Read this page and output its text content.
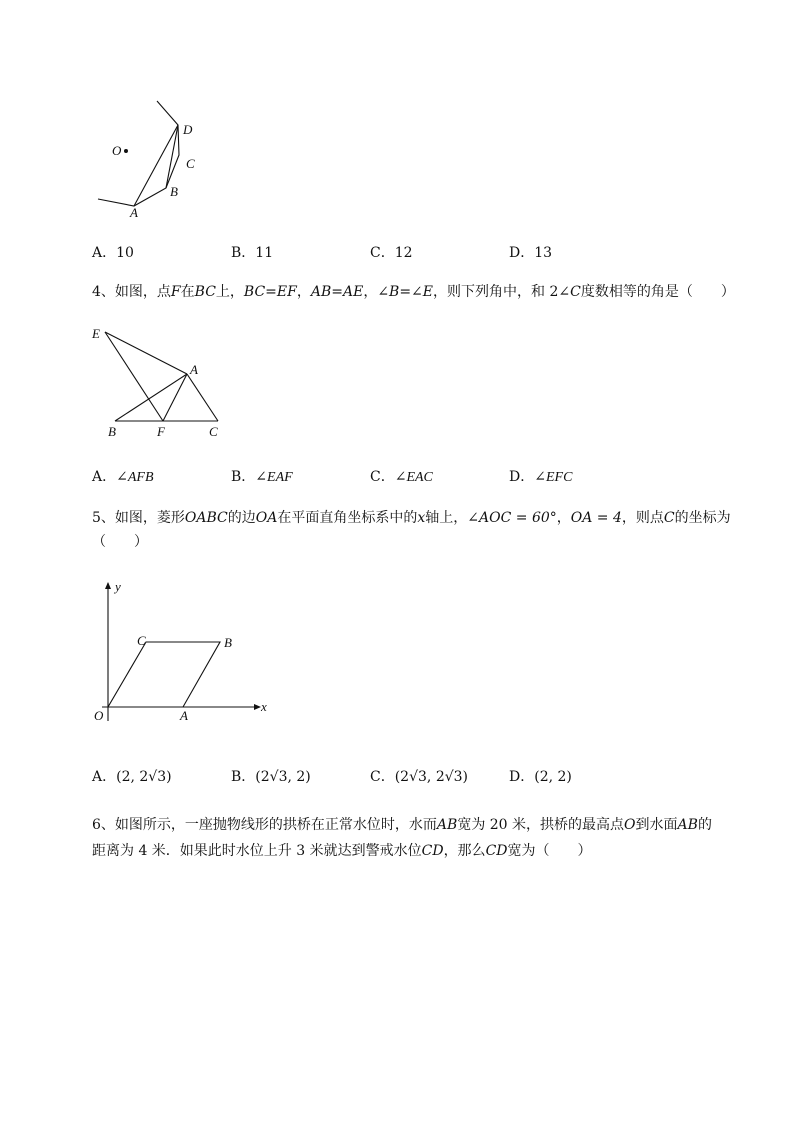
O
D
C
B
A
A．10	B．11	C．12	D．13
4、如图，点F在BC上，BC=EF，AB=AE，∠B=∠E，则下列角中，和 2∠C度数相等的角是（　　）
E
A
B	F	C
A．∠AFB	B．∠EAF	C．∠EAC	D．∠EFC
5、如图，菱形OABC的边OA在平面直角坐标系中的x轴上，∠AOC = 60°，OA = 4，则点C的坐标为
（　　）
y
x
C	B
O	A
A．(2, 2√3)	B．(2√3, 2)	C．(2√3, 2√3)	D．(2, 2)
6、如图所示，一座抛物线形的拱桥在正常水位时，水而AB宽为 20 米，拱桥的最高点O到水面AB的
距离为 4 米．如果此时水位上升 3 米就达到警戒水位CD，那么CD宽为（　　）
